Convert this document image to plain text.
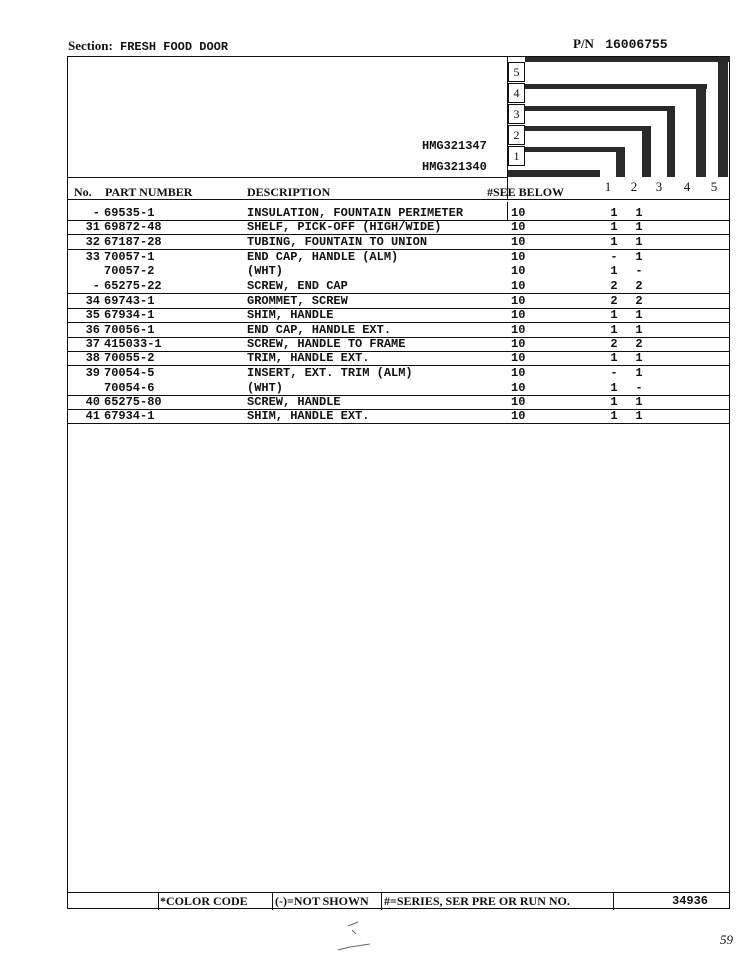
Section: FRESH FOOD DOOR	P/N 16006755
5
4
3
2
1
HMG321347
HMG321340
1	2	3	4	5
No. PART NUMBER	DESCRIPTION	#SEE BELOW
- 69535-1	INSULATION, FOUNTAIN PERIMETER	10	1	1
31 69872-48	SHELF, PICK-OFF (HIGH/WIDE)	10	1	1
32 67187-28	TUBING, FOUNTAIN TO UNION	10	1	1
33 70057-1	END CAP, HANDLE (ALM)	10	-	1
70057-2	(WHT)	10	1	-
- 65275-22	SCREW, END CAP	10	2	2
34 69743-1	GROMMET, SCREW	10	2	2
35 67934-1	SHIM, HANDLE	10	1	1
36 70056-1	END CAP, HANDLE EXT.	10	1	1
37 415033-1	SCREW, HANDLE TO FRAME	10	2	2
38 70055-2	TRIM, HANDLE EXT.	10	1	1
39 70054-5	INSERT, EXT. TRIM (ALM)	10	-	1
70054-6	(WHT)	10	1	-
40 65275-80	SCREW, HANDLE	10	1	1
41 67934-1	SHIM, HANDLE EXT.	10	1	1
*COLOR CODE (-)=NOT SHOWN #=SERIES, SER PRE OR RUN NO.	34936
59
